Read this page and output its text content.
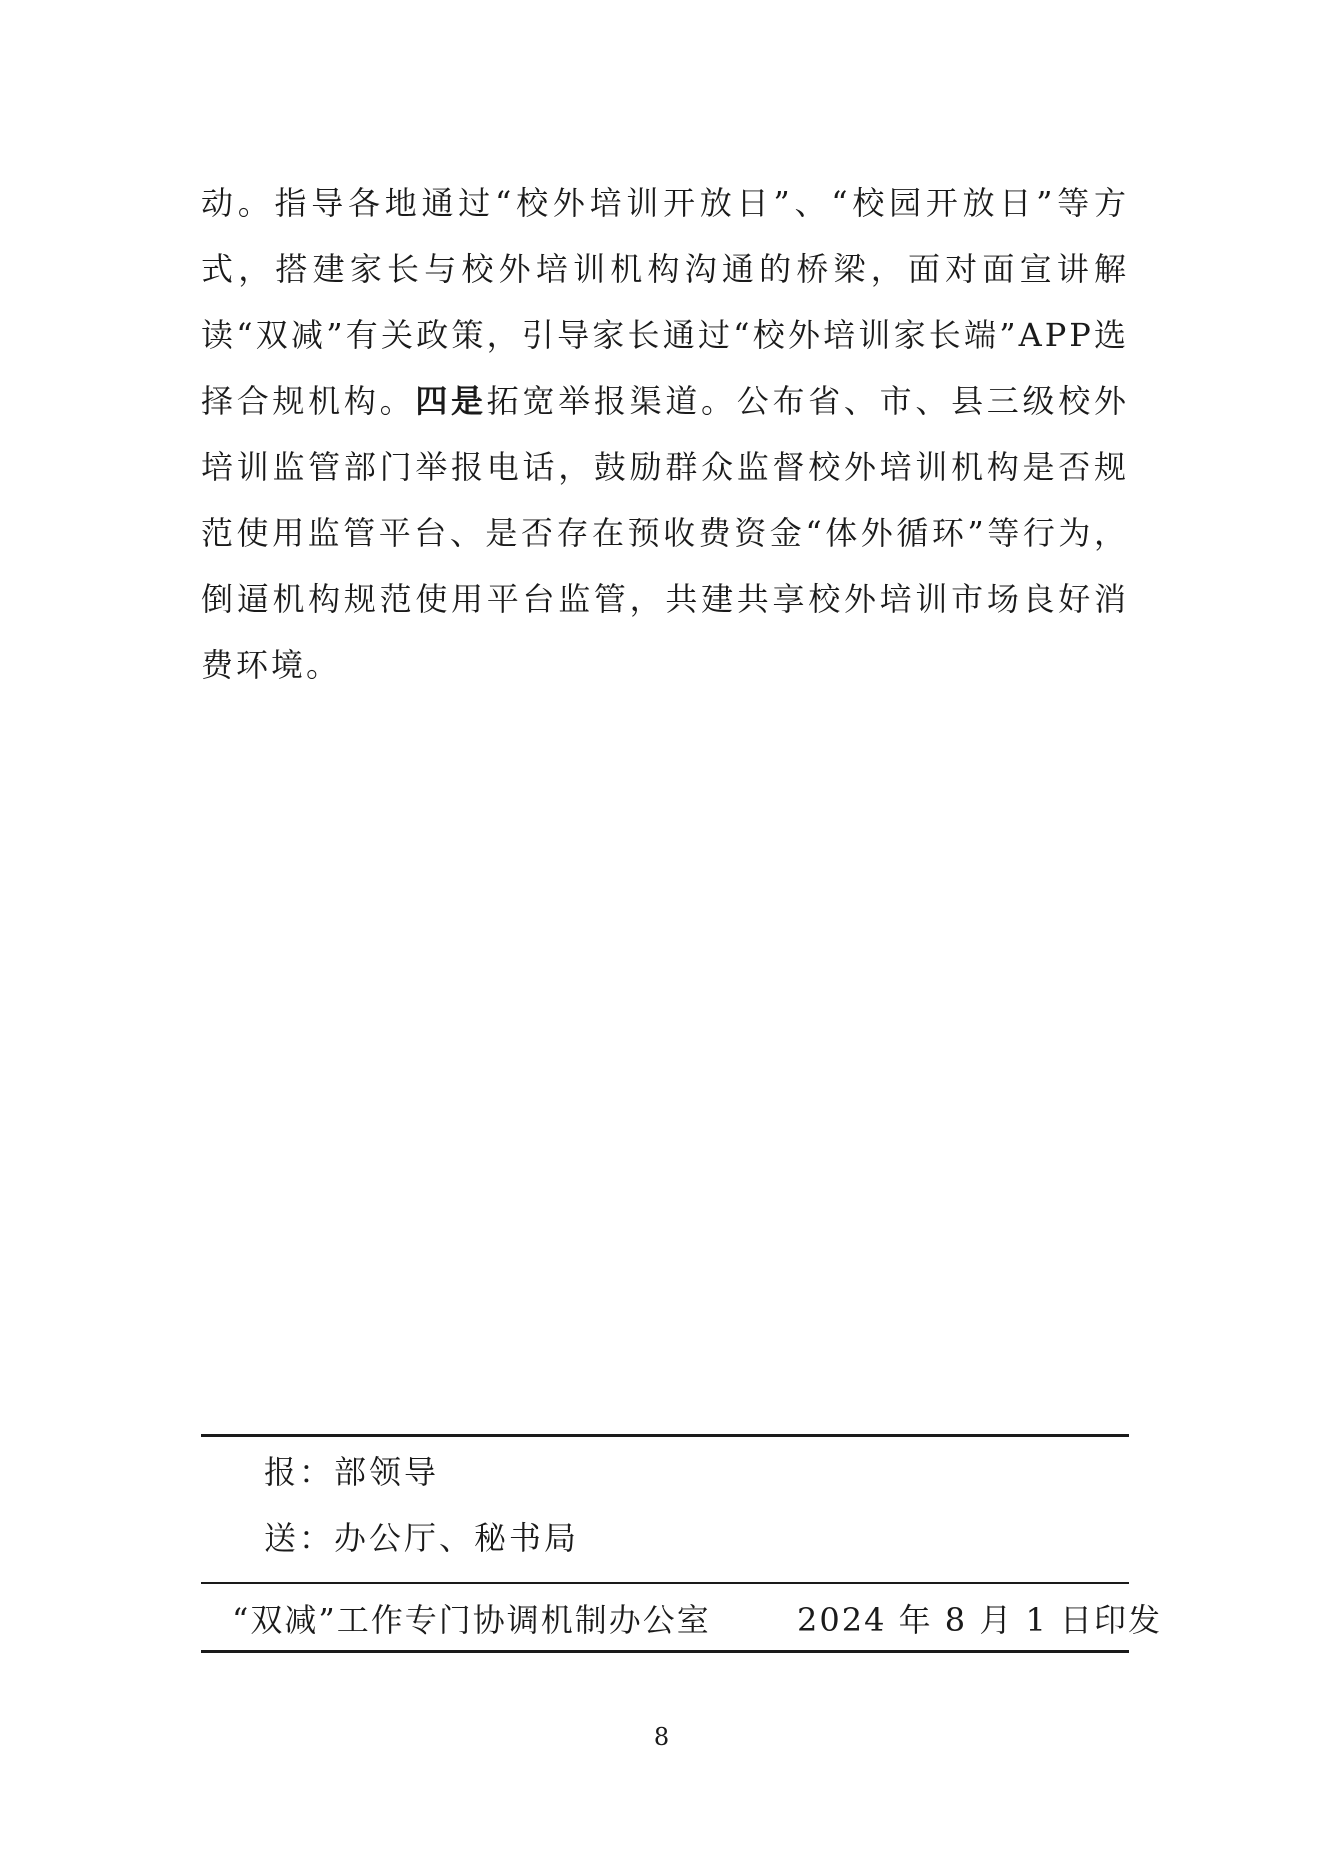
动。指导各地通过“校外培训开放日”、“校园开放日”等方式，搭建家长与校外培训机构沟通的桥梁，面对面宣讲解读“双减”有关政策，引导家长通过“校外培训家长端”APP选择合规机构。四是拓宽举报渠道。公布省、市、县三级校外培训监管部门举报电话，鼓励群众监督校外培训机构是否规范使用监管平台、是否存在预收费资金“体外循环”等行为，倒逼机构规范使用平台监管，共建共享校外培训市场良好消费环境。

报：部领导
送：办公厅、秘书局
“双减”工作专门协调机制办公室	2024 年 8 月 1 日印发
8
